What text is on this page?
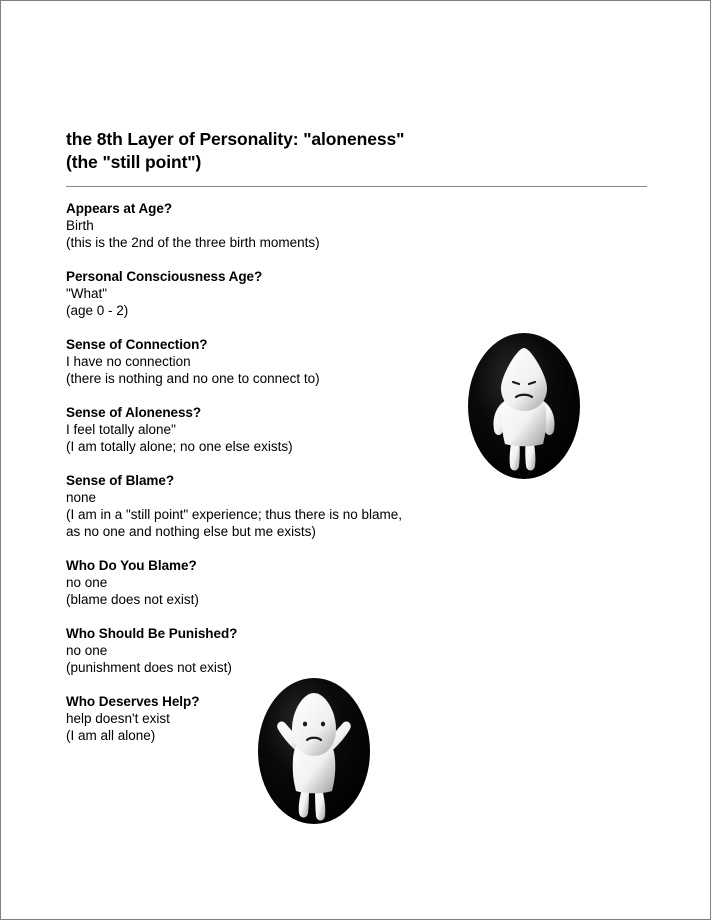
the 8th Layer of Personality: "aloneness"
(the "still point")
Appears at Age?
Birth
(this is the 2nd of the three birth moments)
Personal Consciousness Age?
"What"
(age 0 - 2)
Sense of Connection?
I have no connection
(there is nothing and no one to connect to)
Sense of Aloneness?
I feel totally alone"
(I am totally alone; no one else exists)
Sense of Blame?
none
(I am in a "still point" experience; thus there is no blame,
as no one and nothing else but me exists)
Who Do You Blame?
no one
(blame does not exist)
Who Should Be Punished?
no one
(punishment does not exist)
Who Deserves Help?
help doesn't exist
(I am all alone)
